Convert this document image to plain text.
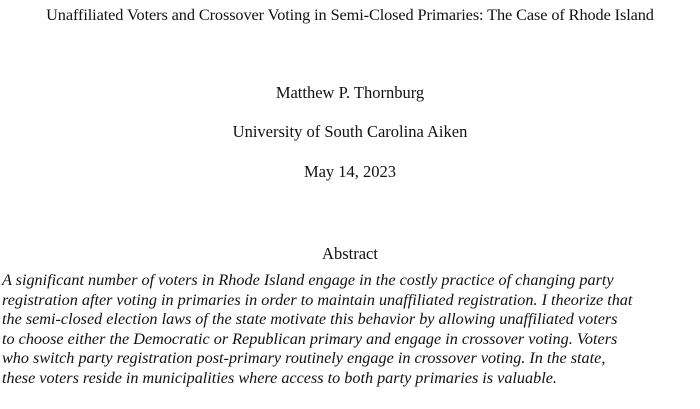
Unaffiliated Voters and Crossover Voting in Semi-Closed Primaries: The Case of Rhode Island
Matthew P. Thornburg
University of South Carolina Aiken
May 14, 2023
Abstract
A significant number of voters in Rhode Island engage in the costly practice of changing party
registration after voting in primaries in order to maintain unaffiliated registration. I theorize that
the semi-closed election laws of the state motivate this behavior by allowing unaffiliated voters
to choose either the Democratic or Republican primary and engage in crossover voting. Voters
who switch party registration post-primary routinely engage in crossover voting. In the state,
these voters reside in municipalities where access to both party primaries is valuable.
